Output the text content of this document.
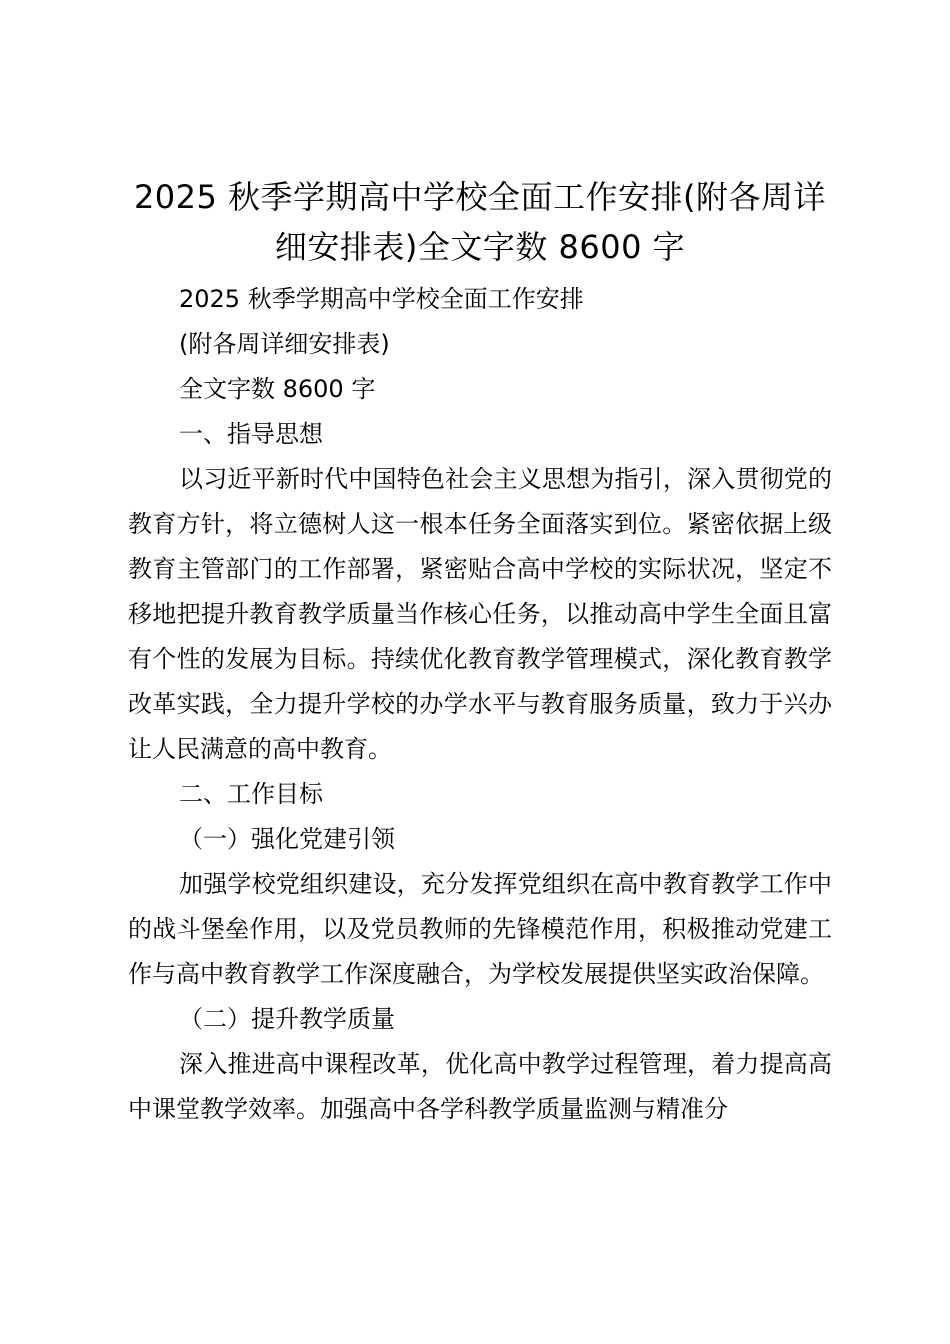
2025 秋季学期高中学校全面工作安排(附各周详细安排表)全文字数 8600 字

2025 秋季学期高中学校全面工作安排

(附各周详细安排表)

全文字数 8600 字

一、指导思想

以习近平新时代中国特色社会主义思想为指引，深入贯彻党的教育方针，将立德树人这一根本任务全面落实到位。紧密依据上级教育主管部门的工作部署，紧密贴合高中学校的实际状况，坚定不移地把提升教育教学质量当作核心任务，以推动高中学生全面且富有个性的发展为目标。持续优化教育教学管理模式，深化教育教学改革实践，全力提升学校的办学水平与教育服务质量，致力于兴办让人民满意的高中教育。

二、工作目标

（一）强化党建引领

加强学校党组织建设，充分发挥党组织在高中教育教学工作中的战斗堡垒作用，以及党员教师的先锋模范作用，积极推动党建工作与高中教育教学工作深度融合，为学校发展提供坚实政治保障。

（二）提升教学质量

深入推进高中课程改革，优化高中教学过程管理，着力提高高中课堂教学效率。加强高中各学科教学质量监测与精准分
